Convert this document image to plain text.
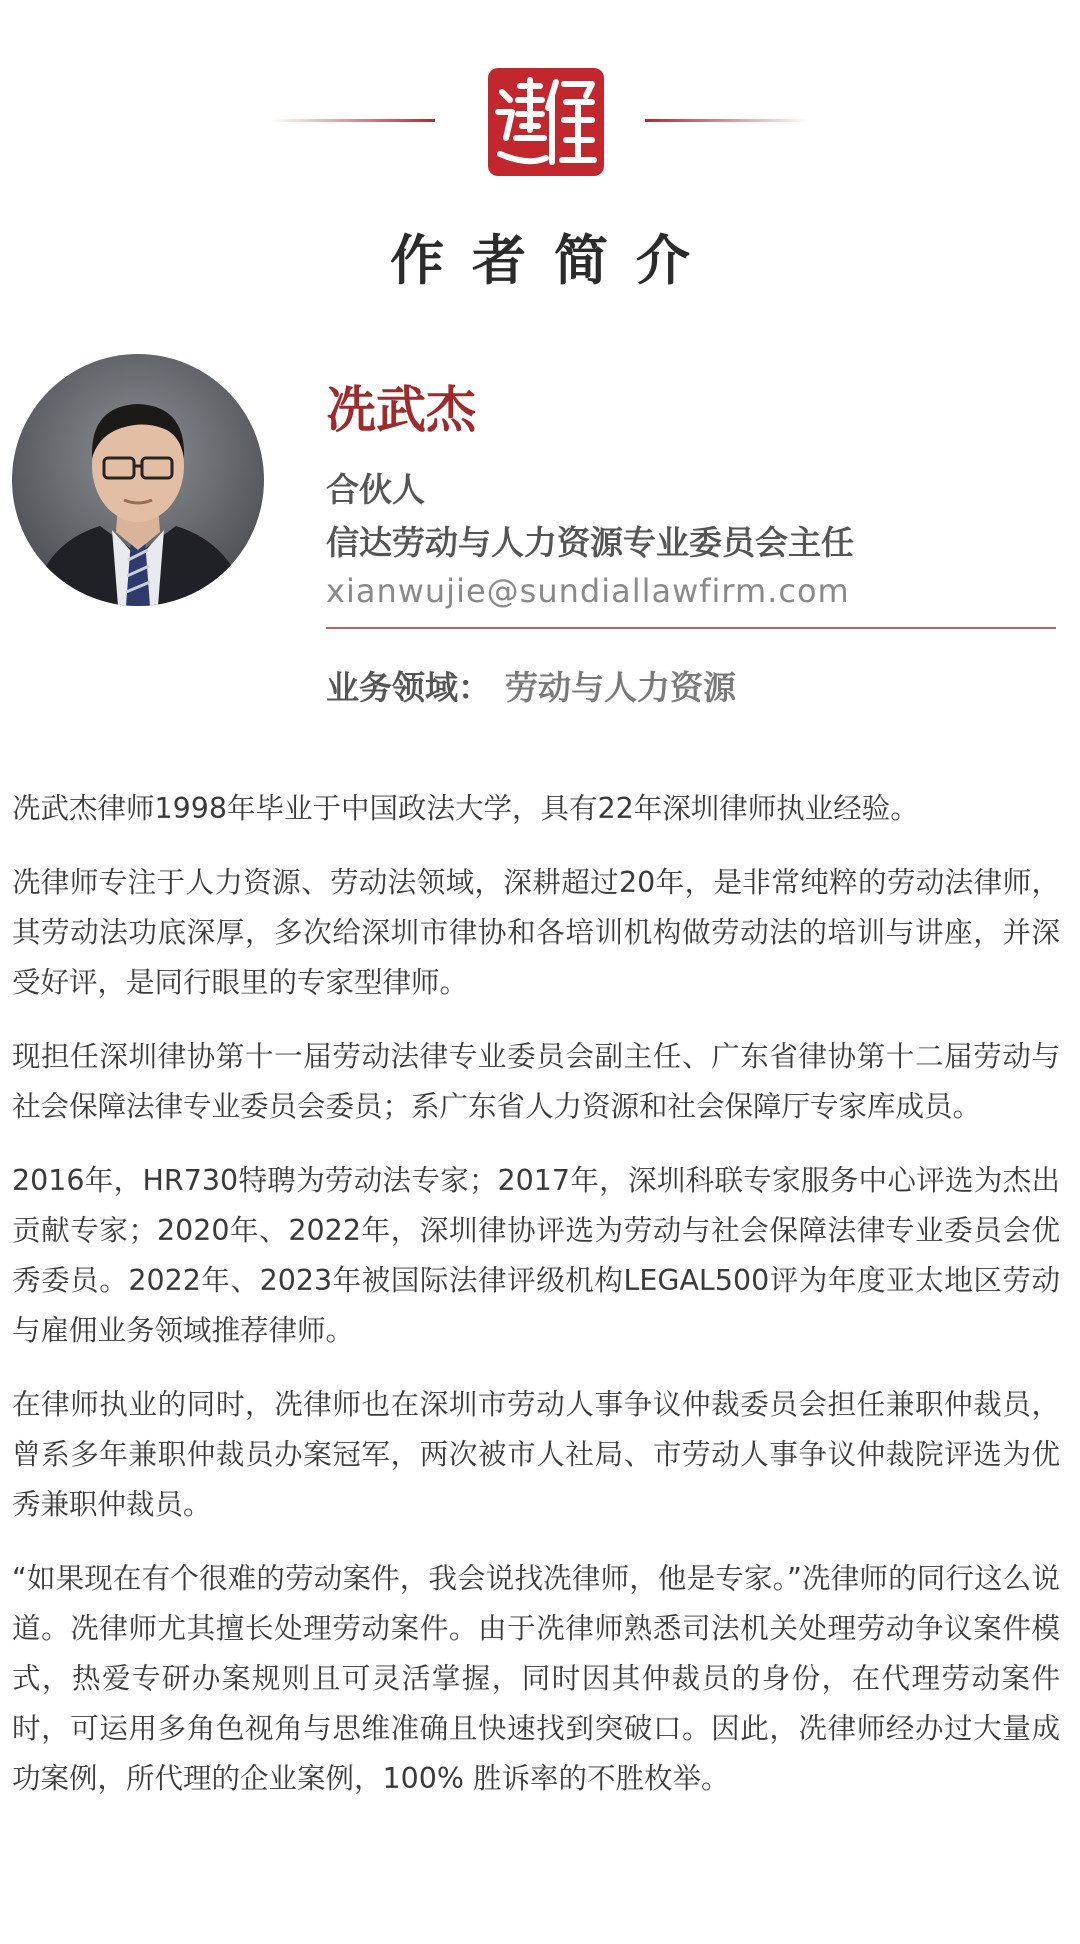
作者简介
冼武杰
合伙人
信达劳动与人力资源专业委员会主任
xianwujie@sundiallawfirm.com
业务领域： 劳动与人力资源

冼武杰律师1998年毕业于中国政法大学，具有22年深圳律师执业经验。

冼律师专注于人力资源、劳动法领域，深耕超过20年，是非常纯粹的劳动法律师，其劳动法功底深厚，多次给深圳市律协和各培训机构做劳动法的培训与讲座，并深受好评，是同行眼里的专家型律师。

现担任深圳律协第十一届劳动法律专业委员会副主任、广东省律协第十二届劳动与社会保障法律专业委员会委员；系广东省人力资源和社会保障厅专家库成员。

2016年，HR730特聘为劳动法专家；2017年，深圳科联专家服务中心评选为杰出贡献专家；2020年、2022年，深圳律协评选为劳动与社会保障法律专业委员会优秀委员。2022年、2023年被国际法律评级机构LEGAL500评为年度亚太地区劳动与雇佣业务领域推荐律师。

在律师执业的同时，冼律师也在深圳市劳动人事争议仲裁委员会担任兼职仲裁员，曾系多年兼职仲裁员办案冠军，两次被市人社局、市劳动人事争议仲裁院评选为优秀兼职仲裁员。

“如果现在有个很难的劳动案件，我会说找冼律师，他是专家。”冼律师的同行这么说道。冼律师尤其擅长处理劳动案件。由于冼律师熟悉司法机关处理劳动争议案件模式，热爱专研办案规则且可灵活掌握，同时因其仲裁员的身份，在代理劳动案件时，可运用多角色视角与思维准确且快速找到突破口。因此，冼律师经办过大量成功案例，所代理的企业案例，100% 胜诉率的不胜枚举。
